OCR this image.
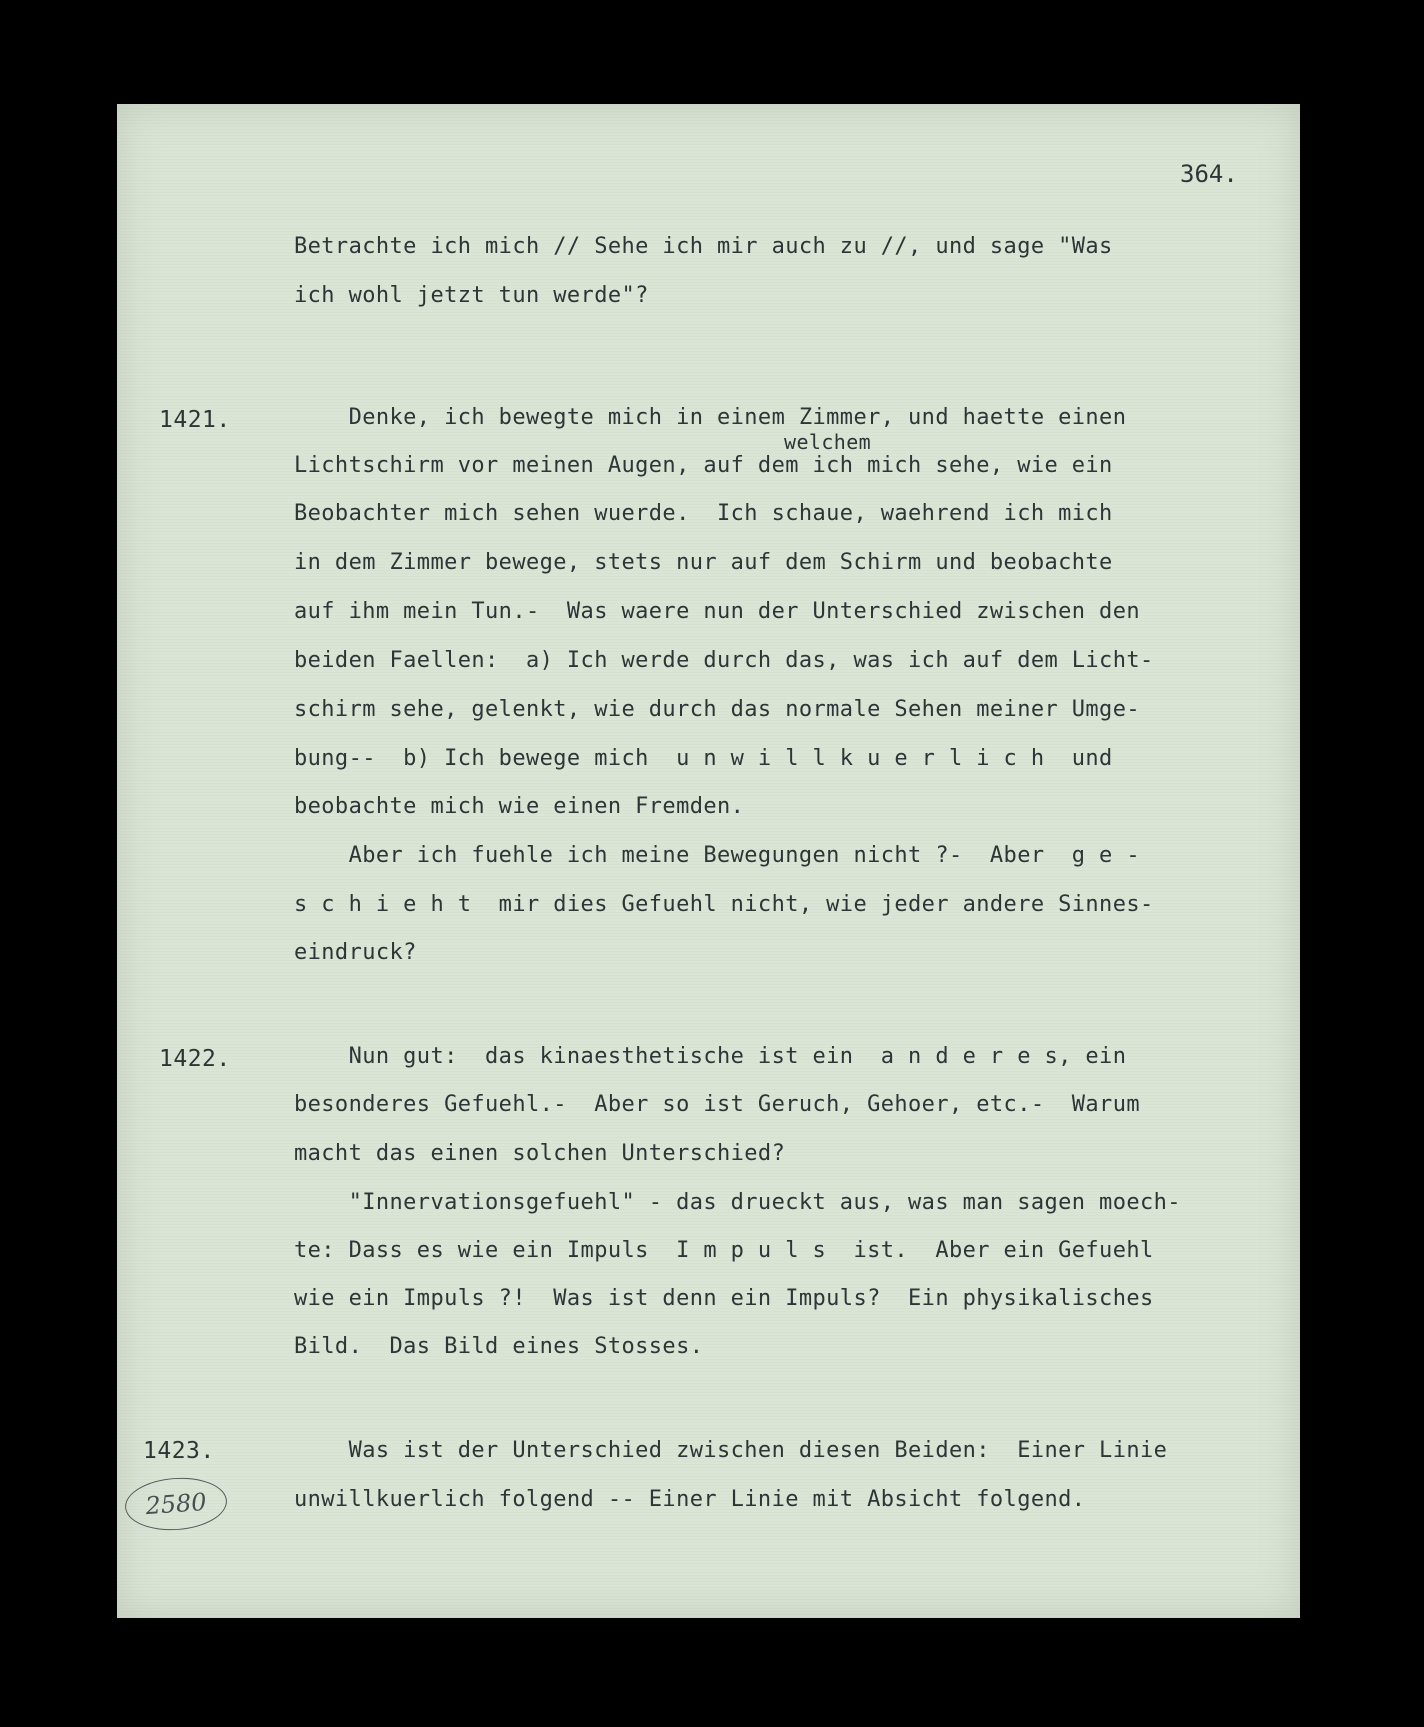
364.
Betrachte ich mich // Sehe ich mir auch zu //, und sage "Was
ich wohl jetzt tun werde"?
1421.	Denke, ich bewegte mich in einem Zimmer, und haette einen
welchem
Lichtschirm vor meinen Augen, auf dem ich mich sehe, wie ein
Beobachter mich sehen wuerde.  Ich schaue, waehrend ich mich
in dem Zimmer bewege, stets nur auf dem Schirm und beobachte
auf ihm mein Tun.-  Was waere nun der Unterschied zwischen den
beiden Faellen:  a) Ich werde durch das, was ich auf dem Licht-
schirm sehe, gelenkt, wie durch das normale Sehen meiner Umge-
bung--  b) Ich bewege mich  u n w i l l k u e r l i c h  und
beobachte mich wie einen Fremden.
Aber ich fuehle ich meine Bewegungen nicht ?-  Aber  g e -
s c h i e h t  mir dies Gefuehl nicht, wie jeder andere Sinnes-
eindruck?
1422.	Nun gut:  das kinaesthetische ist ein  a n d e r e s, ein
besonderes Gefuehl.-  Aber so ist Geruch, Gehoer, etc.-  Warum
macht das einen solchen Unterschied?
"Innervationsgefuehl" - das drueckt aus, was man sagen moech-
te: Dass es wie ein Impuls  I m p u l s  ist.  Aber ein Gefuehl
wie ein Impuls ?!  Was ist denn ein Impuls?  Ein physikalisches
Bild.  Das Bild eines Stosses.
1423.	Was ist der Unterschied zwischen diesen Beiden:  Einer Linie
unwillkuerlich folgend -- Einer Linie mit Absicht folgend.
2580
